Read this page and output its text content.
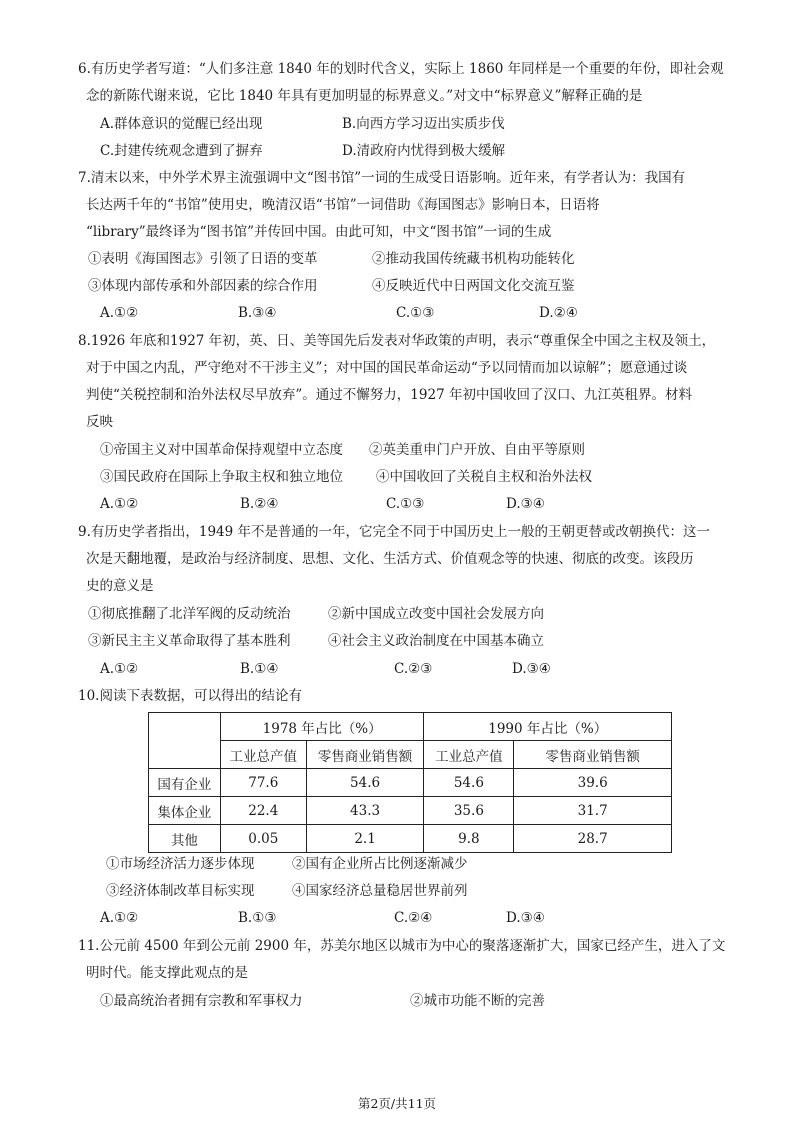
6.有历史学者写道：“人们多注意 1840 年的划时代含义，实际上 1860 年同样是一个重要的年份，即社会观
念的新陈代谢来说，它比 1840 年具有更加明显的标界意义。”对文中“标界意义”解释正确的是
A.群体意识的觉醒已经出现	B.向西方学习迈出实质步伐
C.封建传统观念遭到了摒弃	D.清政府内忧得到极大缓解
7.清末以来，中外学术界主流强调中文“图书馆”一词的生成受日语影响。近年来，有学者认为：我国有
长达两千年的“书馆”使用史，晚清汉语“书馆”一词借助《海国图志》影响日本，日语将
“library”最终译为“图书馆”并传回中国。由此可知，中文“图书馆”一词的生成
①表明《海国图志》引领了日语的变革	②推动我国传统藏书机构功能转化
③体现内部传承和外部因素的综合作用	④反映近代中日两国文化交流互鉴
A.①②	B.③④	C.①③	D.②④
8.1926 年底和1927 年初，英、日、美等国先后发表对华政策的声明，表示“尊重保全中国之主权及领土，
对于中国之内乱，严守绝对不干涉主义”；对中国的国民革命运动“予以同情而加以谅解”；愿意通过谈
判使“关税控制和治外法权尽早放弃”。通过不懈努力，1927 年初中国收回了汉口、九江英租界。材料
反映
①帝国主义对中国革命保持观望中立态度 ②英美重申门户开放、自由平等原则
③国民政府在国际上争取主权和独立地位 ④中国收回了关税自主权和治外法权
A.①②	B.②④	C.①③	D.③④
9.有历史学者指出，1949 年不是普通的一年，它完全不同于中国历史上一般的王朝更替或改朝换代：这一
次是天翻地覆，是政治与经济制度、思想、文化、生活方式、价值观念等的快速、彻底的改变。该段历
史的意义是
①彻底推翻了北洋军阀的反动统治	②新中国成立改变中国社会发展方向
③新民主主义革命取得了基本胜利	④社会主义政治制度在中国基本确立
A.①②	B.①④	C.②③	D.③④
10.阅读下表数据，可以得出的结论有
	1978 年占比（%）		1990 年占比（%）	
	工业总产值	零售商业销售额	工业总产值	零售商业销售额
国有企业	77.6	54.6	54.6	39.6
集体企业	22.4	43.3	35.6	31.7
其他	0.05	2.1	9.8	28.7
①市场经济活力逐步体现	②国有企业所占比例逐渐减少
③经济体制改革目标实现	④国家经济总量稳居世界前列
A.①②	B.①③	C.②④	D.③④
11.公元前 4500 年到公元前 2900 年，苏美尔地区以城市为中心的聚落逐渐扩大，国家已经产生，进入了文
明时代。能支撑此观点的是
①最高统治者拥有宗教和军事权力	②城市功能不断的完善
第2页/共11页
